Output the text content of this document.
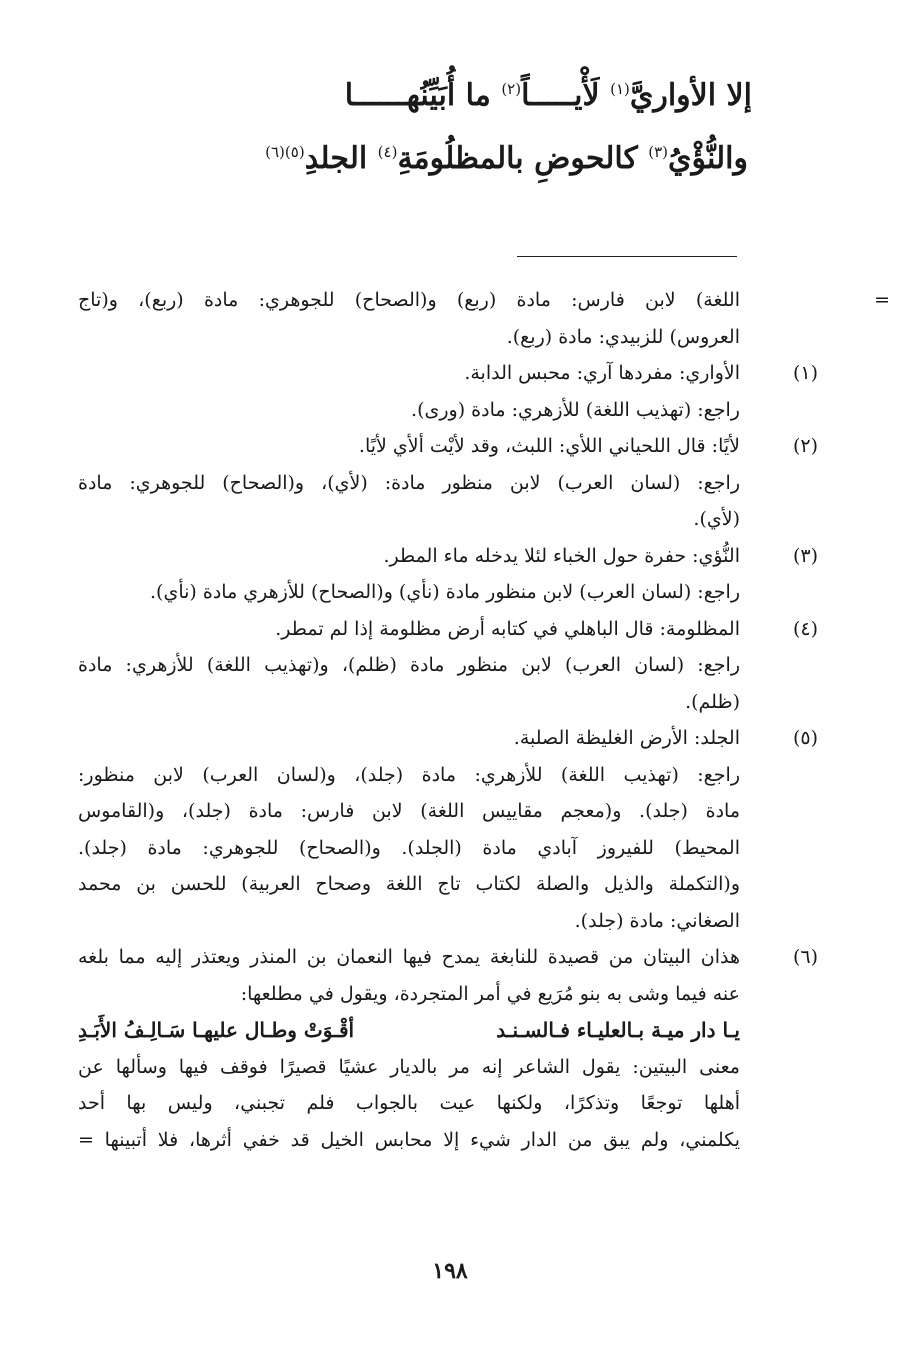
إلا الأواريَّ$^{(١)}$ لَأْيـــــاً$^{(٢)}$ ما أُبَيِّنُهــــــا
والنُّؤْيُ$^{(٣)}$ كالحوضِ بالمظلُومَةِ$^{(٤)}$ الجلدِ$^{(٥)(٦)}$
=
اللغة) لابن فارس: مادة (ربع) و(الصحاح) للجوهري: مادة (ربع)، و(تاج
العروس) للزبيدي: مادة (ربع).
(١)
الأواري: مفردها آري: محبس الدابة.
راجع: (تهذيب اللغة) للأزهري: مادة (ورى).
(٢)
لأيًا: قال اللحياني اللأي: اللبث، وقد لأيْت ألأي لأيًا.
راجع: (لسان العرب) لابن منظور مادة: (لأي)، و(الصحاح) للجوهري: مادة
(لأي).
(٣)
النُّؤي: حفرة حول الخباء لئلا يدخله ماء المطر.
راجع: (لسان العرب) لابن منظور مادة (نأي) و(الصحاح) للأزهري مادة (نأي).
(٤)
المظلومة: قال الباهلي في كتابه أرض مظلومة إذا لم تمطر.
راجع: (لسان العرب) لابن منظور مادة (ظلم)، و(تهذيب اللغة) للأزهري: مادة
(ظلم).
(٥)
الجلد: الأرض الغليظة الصلبة.
راجع: (تهذيب اللغة) للأزهري: مادة (جلد)، و(لسان العرب) لابن منظور:
مادة (جلد). و(معجم مقاييس اللغة) لابن فارس: مادة (جلد)، و(القاموس
المحيط) للفيروز آبادي مادة (الجلد). و(الصحاح) للجوهري: مادة (جلد).
و(التكملة والذيل والصلة لكتاب تاج اللغة وصحاح العربية) للحسن بن محمد
الصغاني: مادة (جلد).
(٦)
هذان البيتان من قصيدة للنابغة يمدح فيها النعمان بن المنذر ويعتذر إليه مما بلغه
عنه فيما وشى به بنو مُرَيع في أمر المتجردة، ويقول في مطلعها:
يـا دار ميـة بـالعليـاء فـالسـنـد
أقْـوَتْ وطـال عليهـا سَـالِـفُ الأَبَـدِ
معنى البيتين: يقول الشاعر إنه مر بالديار عشيًا قصيرًا فوقف فيها وسألها عن
أهلها توجعًا وتذكرًا، ولكنها عيت بالجواب فلم تجبني، وليس بها أحد
يكلمني، ولم يبق من الدار شيء إلا محابس الخيل قد خفي أثرها، فلا أتبينها =
١٩٨
